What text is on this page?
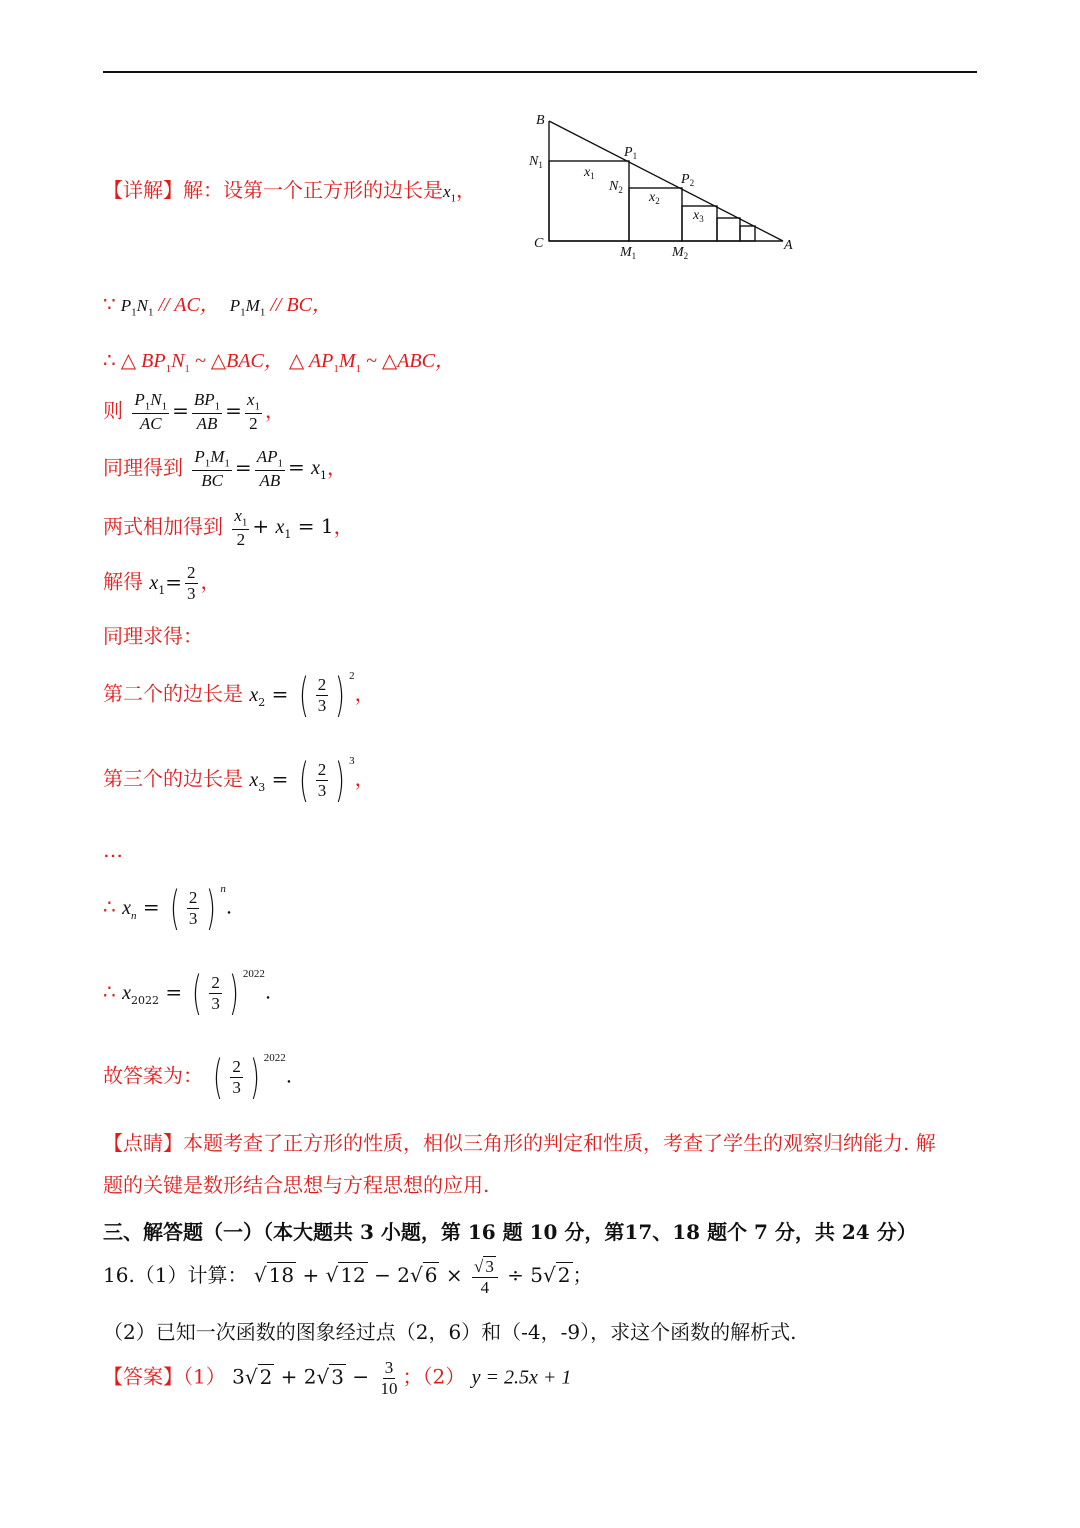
B
$N_1$
$P_1$
$x_1$
$N_2$
$P_2$
$x_2$
$x_3$
C
$M_1$	$M_2$
A
【详解】解：设第一个正方形的边长是$x_1$，
∵ $P_1N_1$ // AC， $P_1M_1$ // BC，
∴ △ $BP_1N_1$ ~ △BAC， △ $AP_1M_1$ ~ △ABC，
则 $\frac{P_1N_1}{AC} = \frac{BP_1}{AB} = \frac{x_1}{2}$ ，
同理得到 $\frac{P_1M_1}{BC} = \frac{AP_1}{AB} = x_1$，
两式相加得到 $\frac{x_1}{2} + x_1 = 1$，
解得 $x_1= \frac{2}{3}$ ，
同理求得：
第二个的边长是 $x_2$ = ( $\frac{2}{3}$ ) 2
，
第三个的边长是 $x_3$ = ( $\frac{2}{3}$ ) 3
，
…
∴ $x_n$ = ( $\frac{2}{3}$ ) n
.
∴ $x_{2022}$ = ( $\frac{2}{3}$ ) 2022
.
故答案为： ( $\frac{2}{3}$ ) 2022
.
【点睛】本题考查了正方形的性质，相似三角形的判定和性质，考查了学生的观察归纳能力. 解
题的关键是数形结合思想与方程思想的应用.
三、解答题（一）（本大题共 3 小题，第 16 题 10 分，第17、18 题个 7 分，共 24 分）
16.（1）计算： √ 18 + √ 12 − 2 √ $6 \times \frac{√ 3}{4} \div 5$ √ 2 ；
（2）已知一次函数的图象经过点（2，6）和（-4，-9），求这个函数的解析式.
【答案】（1） 3 √ 2 + 2 √ $3 - \frac{3}{10}$ ；（2） y = 2.5x + 1
